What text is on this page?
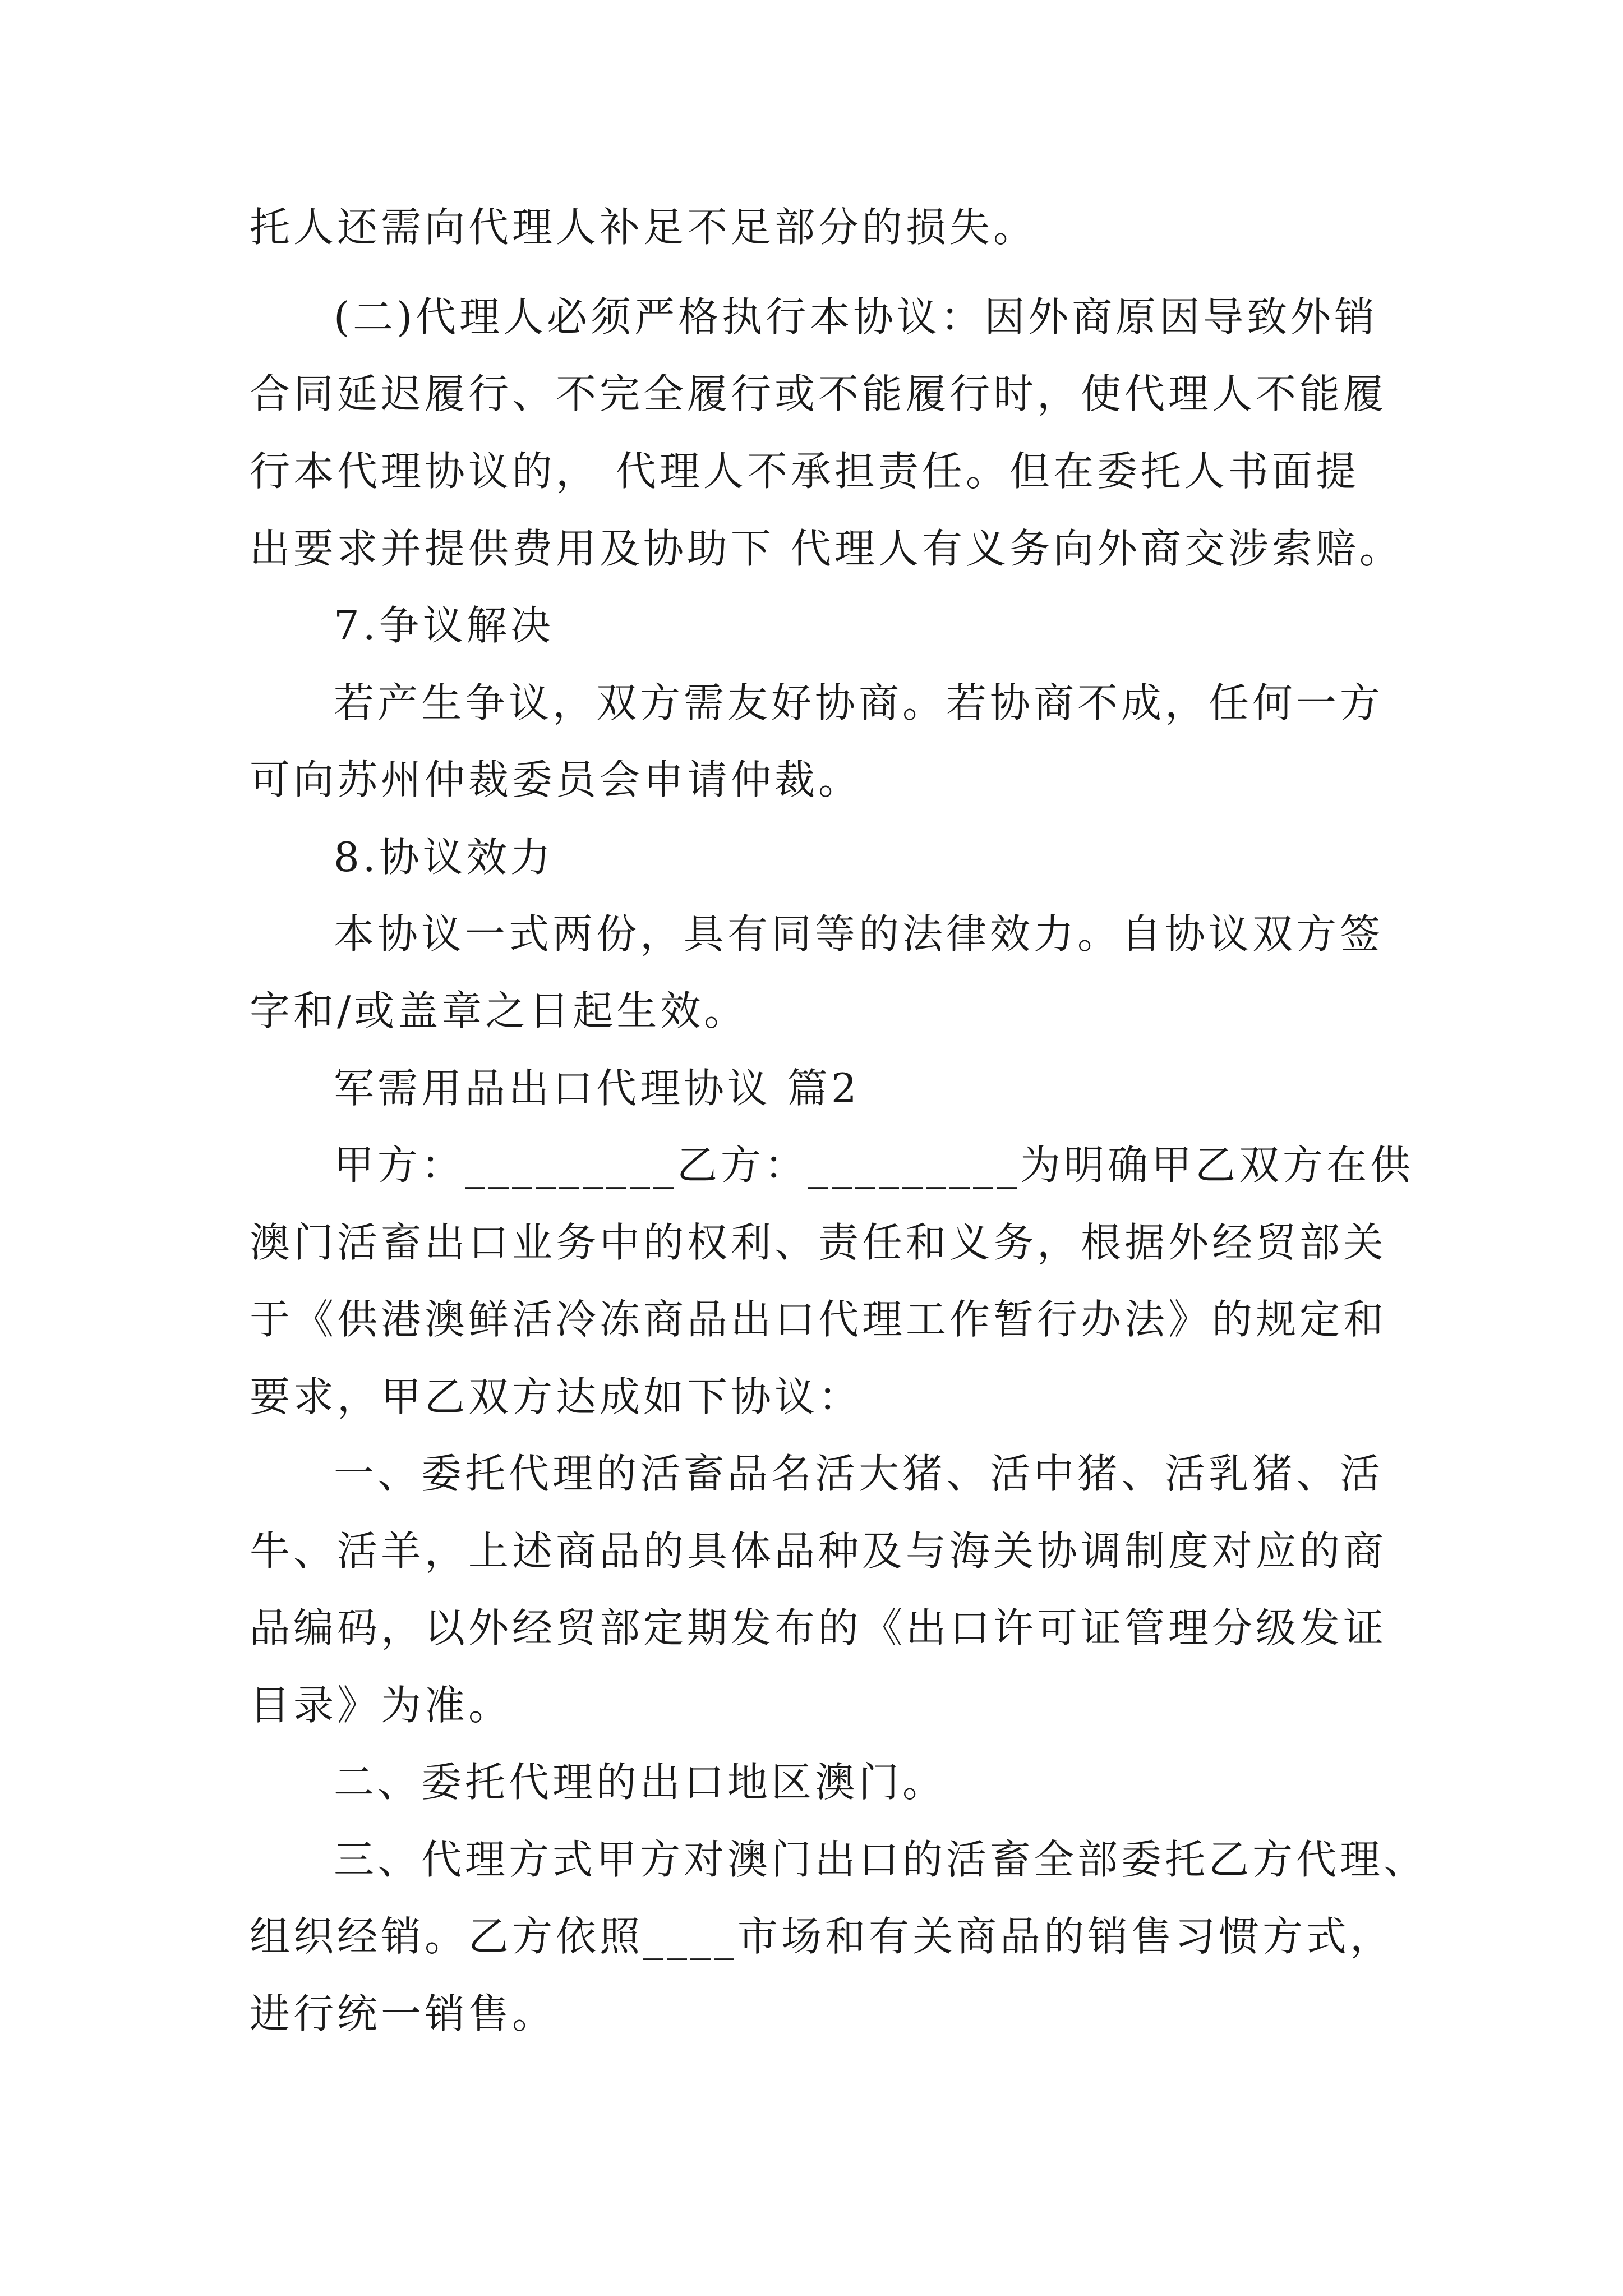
托人还需向代理人补足不足部分的损失。
(二)代理人必须严格执行本协议：因外商原因导致外销
合同延迟履行、不完全履行或不能履行时，使代理人不能履
行本代理协议的， 代理人不承担责任。但在委托人书面提
出要求并提供费用及协助下 代理人有义务向外商交涉索赔。
7.争议解决
若产生争议，双方需友好协商。若协商不成，任何一方
可向苏州仲裁委员会申请仲裁。
8.协议效力
本协议一式两份，具有同等的法律效力。自协议双方签
字和/或盖章之日起生效。
军需用品出口代理协议 篇2
甲方：_________乙方：_________为明确甲乙双方在供
澳门活畜出口业务中的权利、责任和义务，根据外经贸部关
于《供港澳鲜活冷冻商品出口代理工作暂行办法》的规定和
要求，甲乙双方达成如下协议：
一、委托代理的活畜品名活大猪、活中猪、活乳猪、活
牛、活羊，上述商品的具体品种及与海关协调制度对应的商
品编码，以外经贸部定期发布的《出口许可证管理分级发证
目录》为准。
二、委托代理的出口地区澳门。
三、代理方式甲方对澳门出口的活畜全部委托乙方代理、
组织经销。乙方依照____市场和有关商品的销售习惯方式，
进行统一销售。
